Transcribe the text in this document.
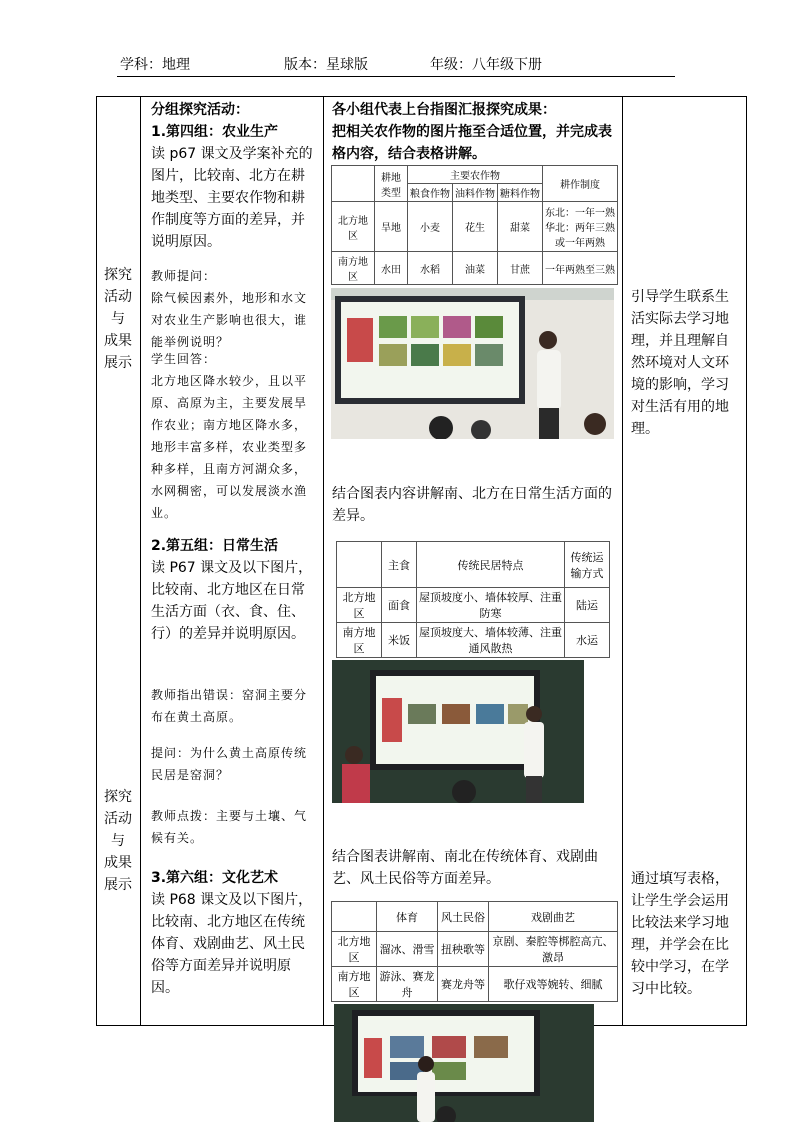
学科：地理	版本：星球版	年级：八年级下册
探究
活动
与
成果
展示
探究
活动
与
成果
展示
分组探究活动：
1.第四组：农业生产
读 p67 课文及学案补充的图片，比较南、北方在耕地类型、主要农作物和耕作制度等方面的差异，并说明原因。
教师提问：
除气候因素外，地形和水文对农业生产影响也很大，谁能举例说明？
学生回答：
北方地区降水较少，且以平原、高原为主，主要发展旱作农业；南方地区降水多，地形丰富多样，农业类型多种多样，且南方河湖众多，水网稠密，可以发展淡水渔业。
2.第五组：日常生活
读 P67 课文及以下图片，比较南、北方地区在日常生活方面（衣、食、住、行）的差异并说明原因。
教师指出错误：窑洞主要分布在黄土高原。
提问：为什么黄土高原传统民居是窑洞？
教师点拨：主要与土壤、气候有关。
3.第六组：文化艺术
读 P68 课文及以下图片，比较南、北方地区在传统体育、戏剧曲艺、风土民俗等方面差异并说明原因。
各小组代表上台指图汇报探究成果：
把相关农作物的图片拖至合适位置，并完成表格内容，结合表格讲解。
	耕地类型	主要农作物			耕作制度
		粮食作物	油料作物	糖料作物	
北方地区	旱地	小麦	花生	甜菜	东北：一年一熟
华北：两年三熟
或一年两熟

南方地区	水田	水稻	油菜	甘蔗	一年两熟至三熟
结合图表内容讲解南、北方在日常生活方面的差异。
	主食	传统民居特点	传统运输方式
北方地区	面食	屋顶坡度小、墙体较厚、注重防寒	陆运
南方地区	米饭	屋顶坡度大、墙体较薄、注重通风散热	水运
结合图表讲解南、南北在传统体育、戏剧曲艺、风土民俗等方面差异。
	体育	风土民俗	戏剧曲艺
北方地区	溜冰、滑雪	扭秧歌等	京剧、秦腔等梆腔高亢、激昂
南方地区	游泳、赛龙舟	赛龙舟等	歌仔戏等婉转、细腻
引导学生联系生活实际去学习地理，并且理解自然环境对人文环境的影响，学习对生活有用的地理。
通过填写表格，让学生学会运用比较法来学习地理，并学会在比较中学习，在学习中比较。
